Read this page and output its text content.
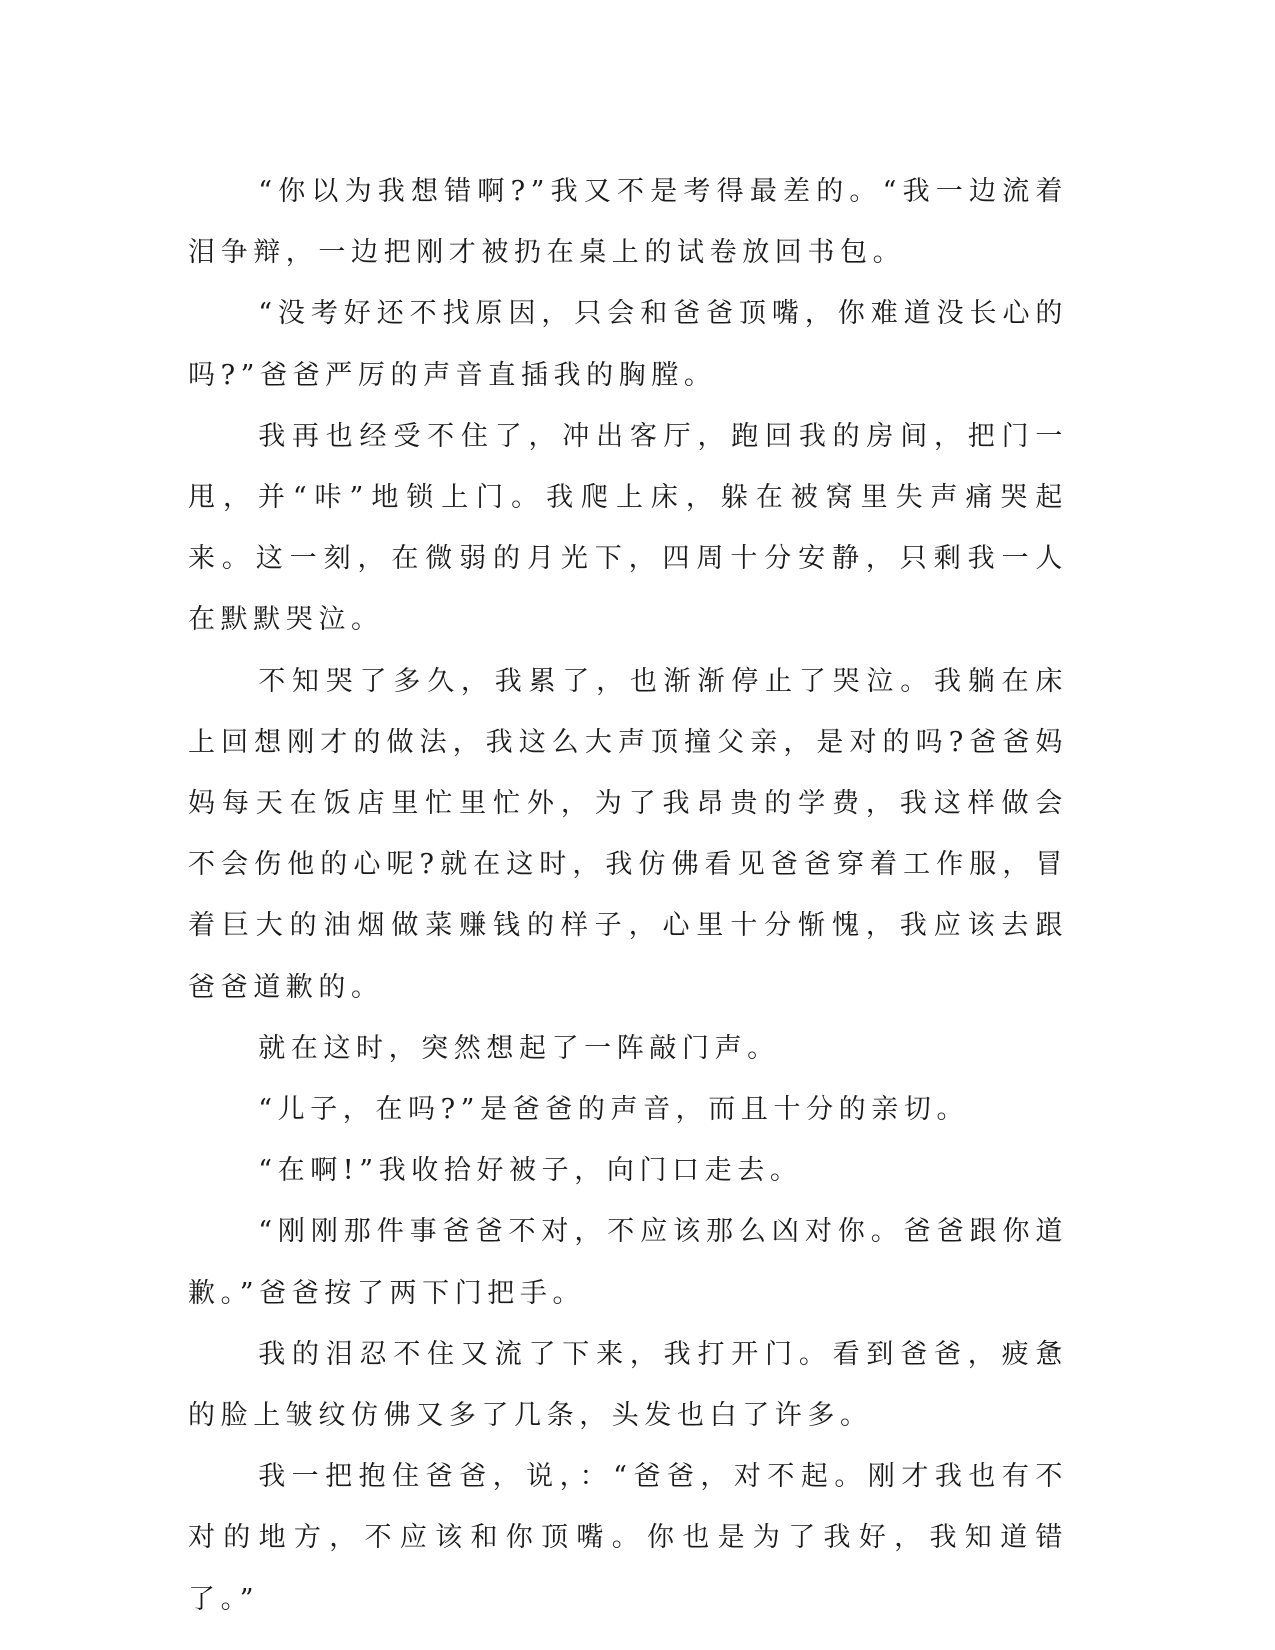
“你以为我想错啊?”我又不是考得最差的。“我一边流着泪争辩，一边把刚才被扔在桌上的试卷放回书包。

“没考好还不找原因，只会和爸爸顶嘴，你难道没长心的吗?”爸爸严厉的声音直插我的胸膛。

我再也经受不住了，冲出客厅，跑回我的房间，把门一甩，并“咔”地锁上门。我爬上床，躲在被窝里失声痛哭起来。这一刻，在微弱的月光下，四周十分安静，只剩我一人在默默哭泣。

不知哭了多久，我累了，也渐渐停止了哭泣。我躺在床上回想刚才的做法，我这么大声顶撞父亲，是对的吗?爸爸妈妈每天在饭店里忙里忙外，为了我昂贵的学费，我这样做会不会伤他的心呢?就在这时，我仿佛看见爸爸穿着工作服，冒着巨大的油烟做菜赚钱的样子，心里十分惭愧，我应该去跟爸爸道歉的。

就在这时，突然想起了一阵敲门声。

“儿子，在吗?”是爸爸的声音，而且十分的亲切。

“在啊!”我收拾好被子，向门口走去。

“刚刚那件事爸爸不对，不应该那么凶对你。爸爸跟你道歉。”爸爸按了两下门把手。

我的泪忍不住又流了下来，我打开门。看到爸爸，疲惫的脸上皱纹仿佛又多了几条，头发也白了许多。

我一把抱住爸爸，说，：“爸爸，对不起。刚才我也有不对的地方，不应该和你顶嘴。你也是为了我好，我知道错了。”
